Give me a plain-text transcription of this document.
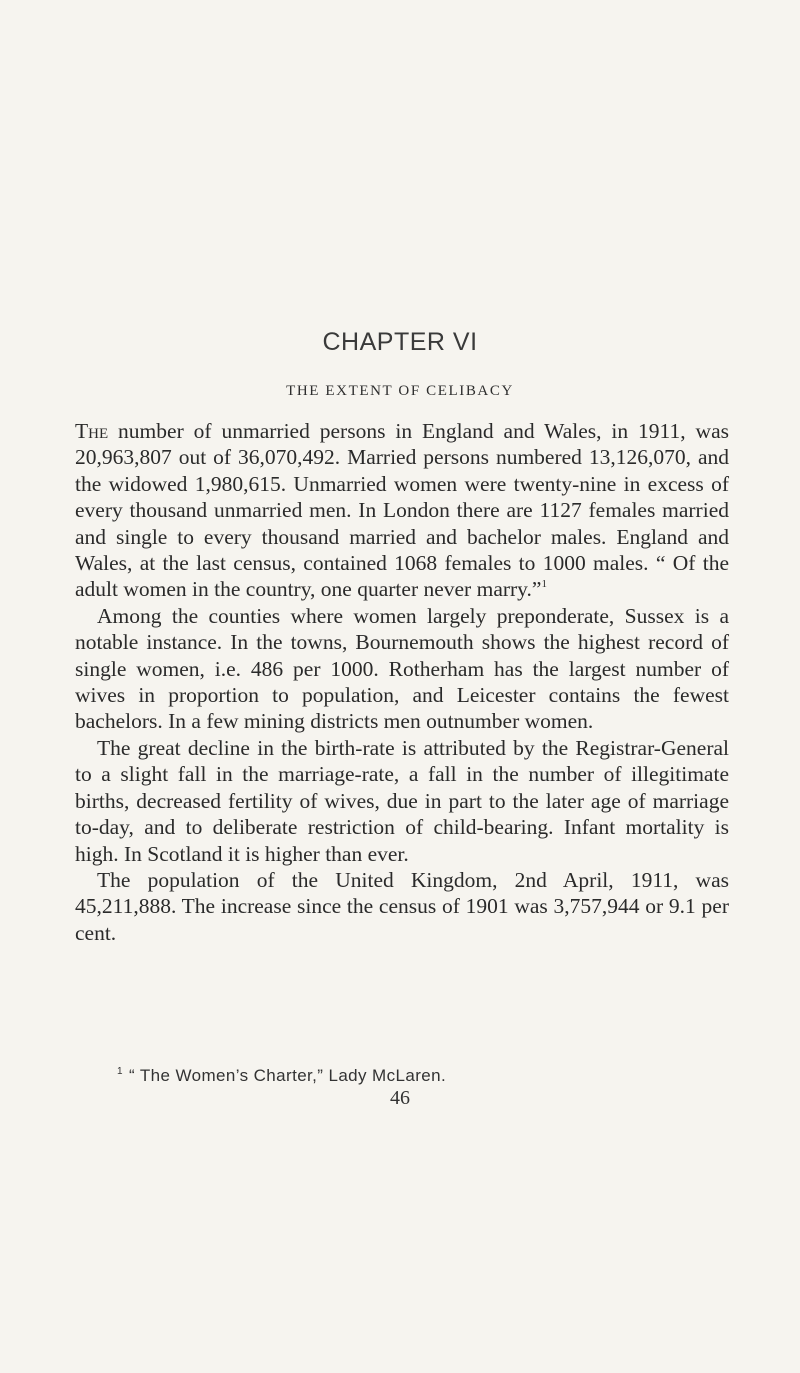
CHAPTER VI
THE EXTENT OF CELIBACY

The number of unmarried persons in England and Wales, in 1911, was 20,963,807 out of 36,070,492. Married persons numbered 13,126,070, and the widowed 1,980,615. Unmarried women were twenty-nine in excess of every thousand unmarried men. In London there are 1127 females married and single to every thousand married and bachelor males. England and Wales, at the last census, contained 1068 females to 1000 males. “ Of the adult women in the country, one quarter never marry.”$^1$

Among the counties where women largely preponderate, Sussex is a notable instance. In the towns, Bournemouth shows the highest record of single women, i.e. 486 per 1000. Rotherham has the largest number of wives in proportion to population, and Leicester contains the fewest bachelors. In a few mining districts men outnumber women.

The great decline in the birth-rate is attributed by the Registrar-General to a slight fall in the marriage-rate, a fall in the number of illegitimate births, decreased fertility of wives, due in part to the later age of marriage to-day, and to deliberate restriction of child-bearing. Infant mortality is high. In Scotland it is higher than ever.

The population of the United Kingdom, 2nd April, 1911, was 45,211,888. The increase since the census of 1901 was 3,757,944 or 9.1 per cent.

$^1$ “ The Women’s Charter,” Lady McLaren.
46
